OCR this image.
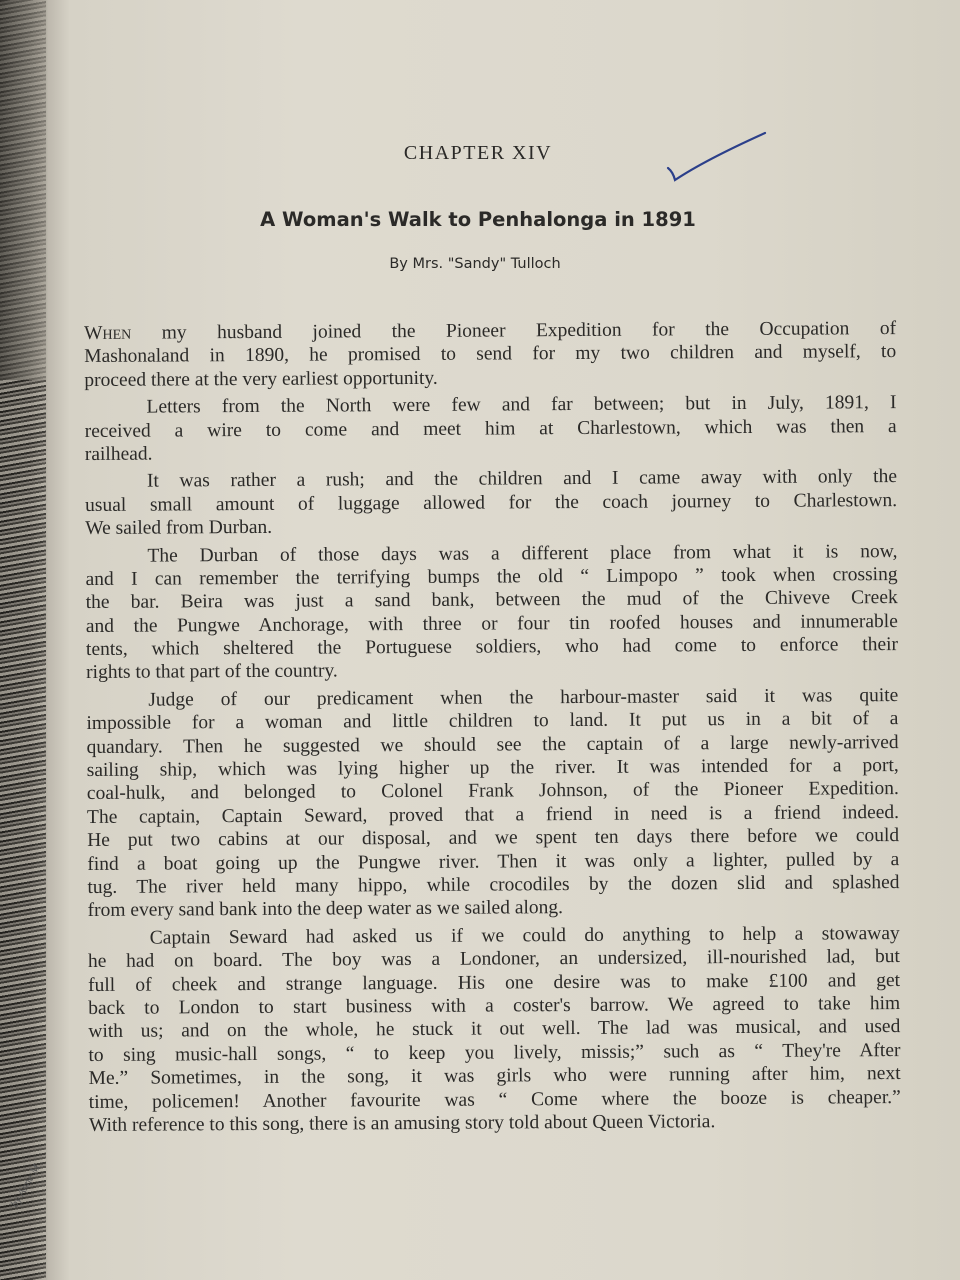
by Anne M
CHAPTER XIV
A Woman's Walk to Penhalonga in 1891
By Mrs. "Sandy" Tulloch
When my husband joined the Pioneer Expedition for the Occupation of
Mashonaland in 1890, he promised to send for my two children and myself, to
proceed there at the very earliest opportunity.
Letters from the North were few and far between; but in July, 1891, I
received a wire to come and meet him at Charlestown, which was then a
railhead.
It was rather a rush; and the children and I came away with only the
usual small amount of luggage allowed for the coach journey to Charlestown.
We sailed from Durban.
The Durban of those days was a different place from what it is now,
and I can remember the terrifying bumps the old “ Limpopo ” took when crossing
the bar. Beira was just a sand bank, between the mud of the Chiveve Creek
and the Pungwe Anchorage, with three or four tin roofed houses and innumerable
tents, which sheltered the Portuguese soldiers, who had come to enforce their
rights to that part of the country.
Judge of our predicament when the harbour-master said it was quite
impossible for a woman and little children to land. It put us in a bit of a
quandary. Then he suggested we should see the captain of a large newly-arrived
sailing ship, which was lying higher up the river. It was intended for a port,
coal-hulk, and belonged to Colonel Frank Johnson, of the Pioneer Expedition.
The captain, Captain Seward, proved that a friend in need is a friend indeed.
He put two cabins at our disposal, and we spent ten days there before we could
find a boat going up the Pungwe river. Then it was only a lighter, pulled by a
tug. The river held many hippo, while crocodiles by the dozen slid and splashed
from every sand bank into the deep water as we sailed along.
Captain Seward had asked us if we could do anything to help a stowaway
he had on board. The boy was a Londoner, an undersized, ill-nourished lad, but
full of cheek and strange language. His one desire was to make £100 and get
back to London to start business with a coster's barrow. We agreed to take him
with us; and on the whole, he stuck it out well. The lad was musical, and used
to sing music-hall songs, “ to keep you lively, missis;” such as “ They're After
Me.” Sometimes, in the song, it was girls who were running after him, next
time, policemen! Another favourite was “ Come where the booze is cheaper.”
With reference to this song, there is an amusing story told about Queen Victoria.
